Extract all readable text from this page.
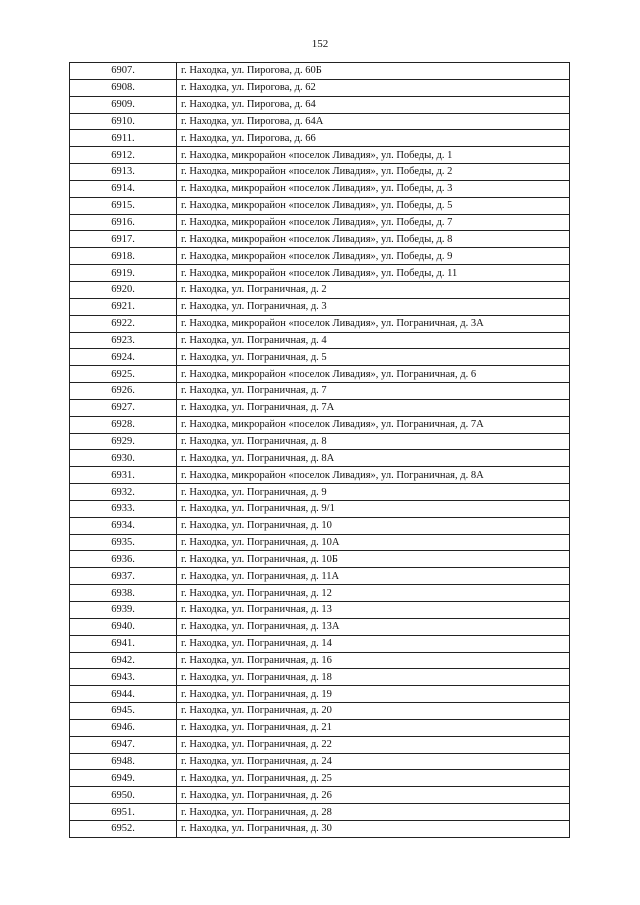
152
6907.	г. Находка, ул. Пирогова, д. 60Б
6908.	г. Находка, ул. Пирогова, д. 62
6909.	г. Находка, ул. Пирогова, д. 64
6910.	г. Находка, ул. Пирогова, д. 64А
6911.	г. Находка, ул. Пирогова, д. 66
6912.	г. Находка, микрорайон «поселок Ливадия», ул. Победы, д. 1
6913.	г. Находка, микрорайон «поселок Ливадия», ул. Победы, д. 2
6914.	г. Находка, микрорайон «поселок Ливадия», ул. Победы, д. 3
6915.	г. Находка, микрорайон «поселок Ливадия», ул. Победы, д. 5
6916.	г. Находка, микрорайон «поселок Ливадия», ул. Победы, д. 7
6917.	г. Находка, микрорайон «поселок Ливадия», ул. Победы, д. 8
6918.	г. Находка, микрорайон «поселок Ливадия», ул. Победы, д. 9
6919.	г. Находка, микрорайон «поселок Ливадия», ул. Победы, д. 11
6920.	г. Находка, ул. Пограничная, д. 2
6921.	г. Находка, ул. Пограничная, д. 3
6922.	г. Находка, микрорайон «поселок Ливадия», ул. Пограничная, д. 3А
6923.	г. Находка, ул. Пограничная, д. 4
6924.	г. Находка, ул. Пограничная, д. 5
6925.	г. Находка, микрорайон «поселок Ливадия», ул. Пограничная, д. 6
6926.	г. Находка, ул. Пограничная, д. 7
6927.	г. Находка, ул. Пограничная, д. 7А
6928.	г. Находка, микрорайон «поселок Ливадия», ул. Пограничная, д. 7А
6929.	г. Находка, ул. Пограничная, д. 8
6930.	г. Находка, ул. Пограничная, д. 8А
6931.	г. Находка, микрорайон «поселок Ливадия», ул. Пограничная, д. 8А
6932.	г. Находка, ул. Пограничная, д. 9
6933.	г. Находка, ул. Пограничная, д. 9/1
6934.	г. Находка, ул. Пограничная, д. 10
6935.	г. Находка, ул. Пограничная, д. 10А
6936.	г. Находка, ул. Пограничная, д. 10Б
6937.	г. Находка, ул. Пограничная, д. 11А
6938.	г. Находка, ул. Пограничная, д. 12
6939.	г. Находка, ул. Пограничная, д. 13
6940.	г. Находка, ул. Пограничная, д. 13А
6941.	г. Находка, ул. Пограничная, д. 14
6942.	г. Находка, ул. Пограничная, д. 16
6943.	г. Находка, ул. Пограничная, д. 18
6944.	г. Находка, ул. Пограничная, д. 19
6945.	г. Находка, ул. Пограничная, д. 20
6946.	г. Находка, ул. Пограничная, д. 21
6947.	г. Находка, ул. Пограничная, д. 22
6948.	г. Находка, ул. Пограничная, д. 24
6949.	г. Находка, ул. Пограничная, д. 25
6950.	г. Находка, ул. Пограничная, д. 26
6951.	г. Находка, ул. Пограничная, д. 28
6952.	г. Находка, ул. Пограничная, д. 30
